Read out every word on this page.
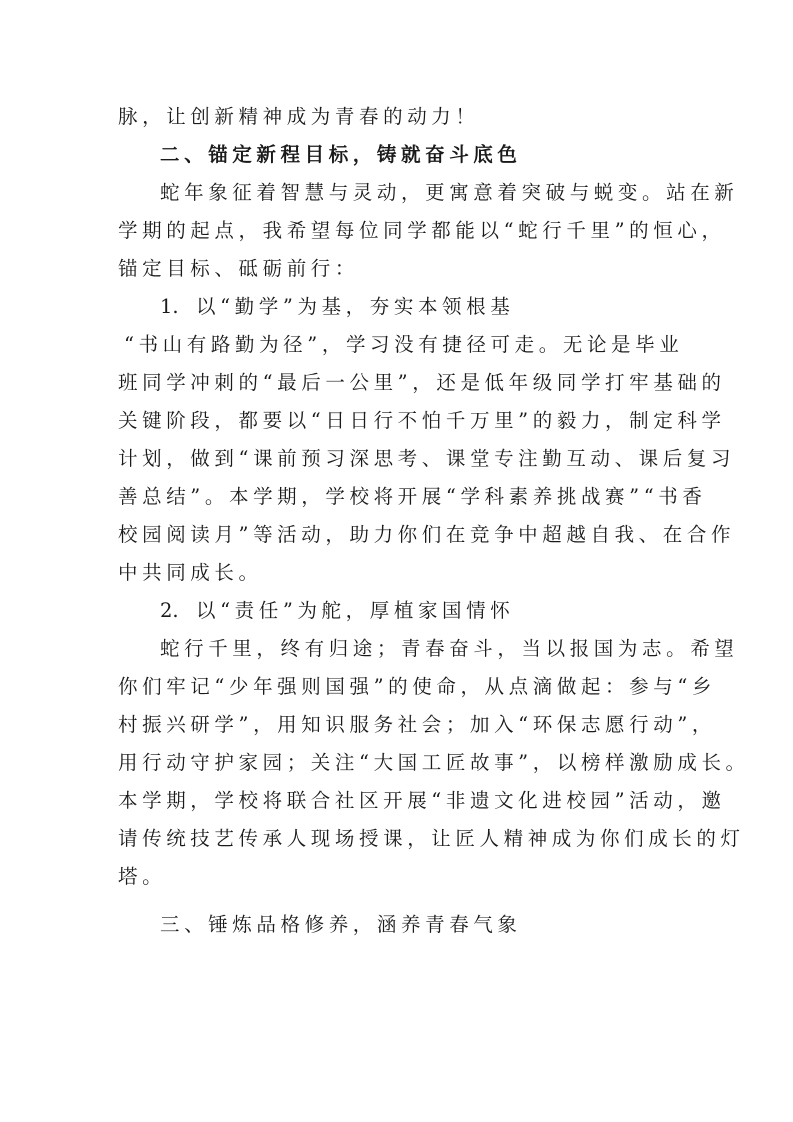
脉，让创新精神成为青春的动力！
二、锚定新程目标，铸就奋斗底色
蛇年象征着智慧与灵动，更寓意着突破与蜕变。站在新
学期的起点，我希望每位同学都能以“蛇行千里”的恒心，
锚定目标、砥砺前行：
1. 以“勤学”为基，夯实本领根基
“书山有路勤为径”，学习没有捷径可走。无论是毕业
班同学冲刺的“最后一公里”，还是低年级同学打牢基础的
关键阶段，都要以“日日行不怕千万里”的毅力，制定科学
计划，做到“课前预习深思考、课堂专注勤互动、课后复习
善总结”。本学期，学校将开展“学科素养挑战赛”“书香
校园阅读月”等活动，助力你们在竞争中超越自我、在合作
中共同成长。
2. 以“责任”为舵，厚植家国情怀
蛇行千里，终有归途；青春奋斗，当以报国为志。希望
你们牢记“少年强则国强”的使命，从点滴做起：参与“乡
村振兴研学”，用知识服务社会；加入“环保志愿行动”，
用行动守护家园；关注“大国工匠故事”，以榜样激励成长。
本学期，学校将联合社区开展“非遗文化进校园”活动，邀
请传统技艺传承人现场授课，让匠人精神成为你们成长的灯
塔。
三、锤炼品格修养，涵养青春气象
